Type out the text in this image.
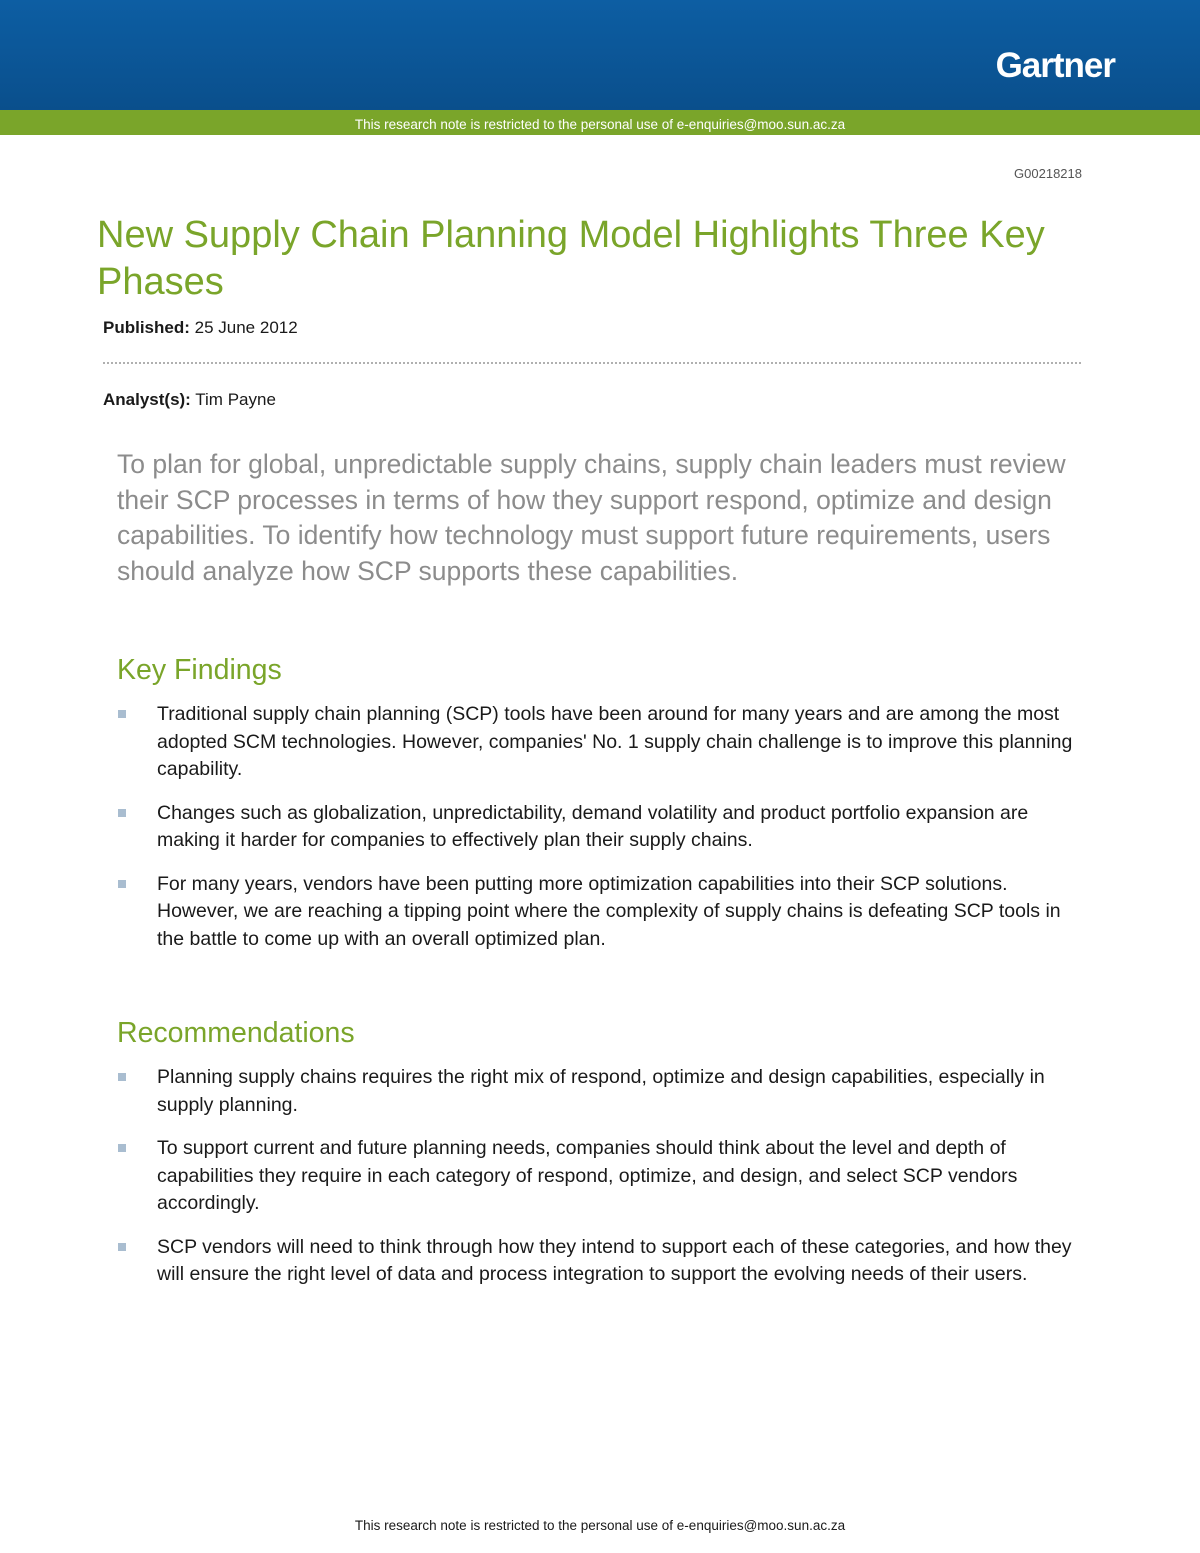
Gartner
This research note is restricted to the personal use of e-enquiries@moo.sun.ac.za
G00218218
New Supply Chain Planning Model Highlights Three Key Phases
Published: 25 June 2012
Analyst(s): Tim Payne

To plan for global, unpredictable supply chains, supply chain leaders must review their SCP processes in terms of how they support respond, optimize and design capabilities. To identify how technology must support future requirements, users should analyze how SCP supports these capabilities.

Key Findings
Traditional supply chain planning (SCP) tools have been around for many years and are among the most adopted SCM technologies. However, companies' No. 1 supply chain challenge is to improve this planning capability.
Changes such as globalization, unpredictability, demand volatility and product portfolio expansion are making it harder for companies to effectively plan their supply chains.
For many years, vendors have been putting more optimization capabilities into their SCP solutions. However, we are reaching a tipping point where the complexity of supply chains is defeating SCP tools in the battle to come up with an overall optimized plan.
Recommendations
Planning supply chains requires the right mix of respond, optimize and design capabilities, especially in supply planning.
To support current and future planning needs, companies should think about the level and depth of capabilities they require in each category of respond, optimize, and design, and select SCP vendors accordingly.
SCP vendors will need to think through how they intend to support each of these categories, and how they will ensure the right level of data and process integration to support the evolving needs of their users.
This research note is restricted to the personal use of e-enquiries@moo.sun.ac.za
